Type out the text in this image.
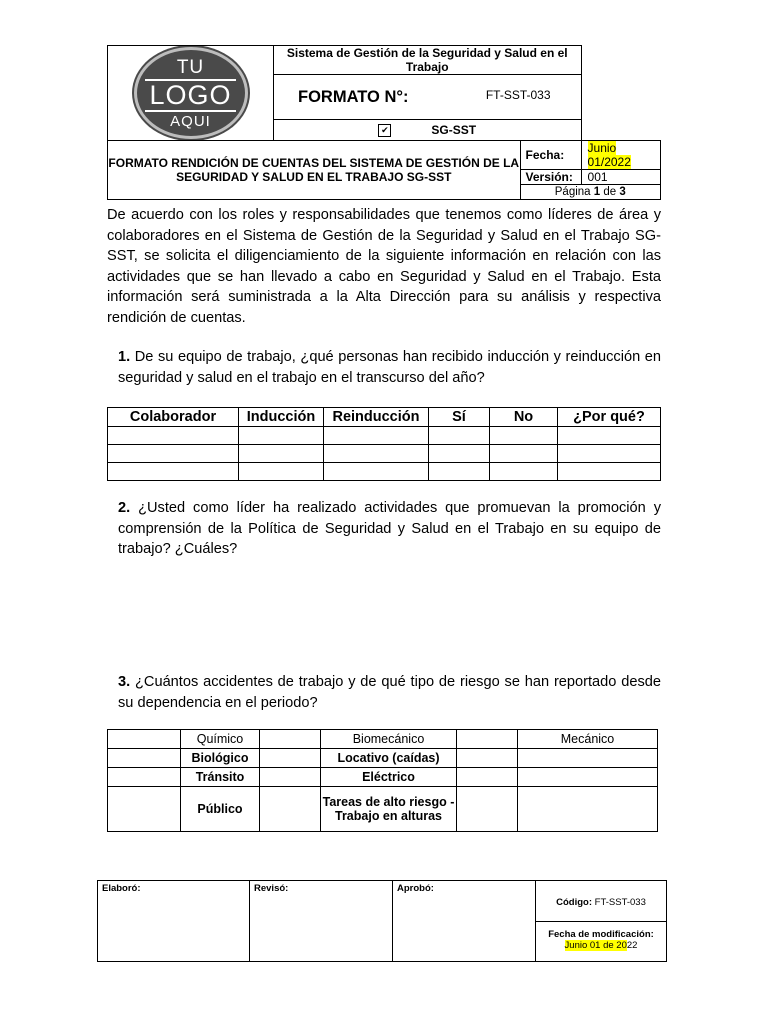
TU
LOGO
AQUI	Sistema de Gestión de la Seguridad y Salud en el Trabajo		
	FORMATO N°: FT-SST-033		

	✔ SG-SST		
FORMATO RENDICIÓN DE CUENTAS DEL SISTEMA DE GESTIÓN DE LA SEGURIDAD Y SALUD EN EL TRABAJO SG-SST		Fecha:	Junio 01/2022
		Versión:	001
		Página 1 de 3	
De acuerdo con los roles y responsabilidades que tenemos como líderes de área y colaboradores en el Sistema de Gestión de la Seguridad y Salud en el Trabajo SG-SST, se solicita el diligenciamiento de la siguiente información en relación con las actividades que se han llevado a cabo en Seguridad y Salud en el Trabajo. Esta información será suministrada a la Alta Dirección para su análisis y respectiva rendición de cuentas.
1. De su equipo de trabajo, ¿qué personas han recibido inducción y reinducción en seguridad y salud en el trabajo en el transcurso del año?
Colaborador	Inducción	Reinducción	Sí	No	¿Por qué?

2. ¿Usted como líder ha realizado actividades que promuevan la promoción y comprensión de la Política de Seguridad y Salud en el Trabajo en su equipo de trabajo? ¿Cuáles?
3. ¿Cuántos accidentes de trabajo y de qué tipo de riesgo se han reportado desde su dependencia en el periodo?
	Químico		Biomecánico		Mecánico
	Biológico		Locativo (caídas)		
	Tránsito		Eléctrico		
	Público		Tareas de alto riesgo - Trabajo en alturas		
Elaboró:	Revisó:	Aprobó:	
Código: FT-SST-033
Fecha de modificación:
Junio 01 de 2022
